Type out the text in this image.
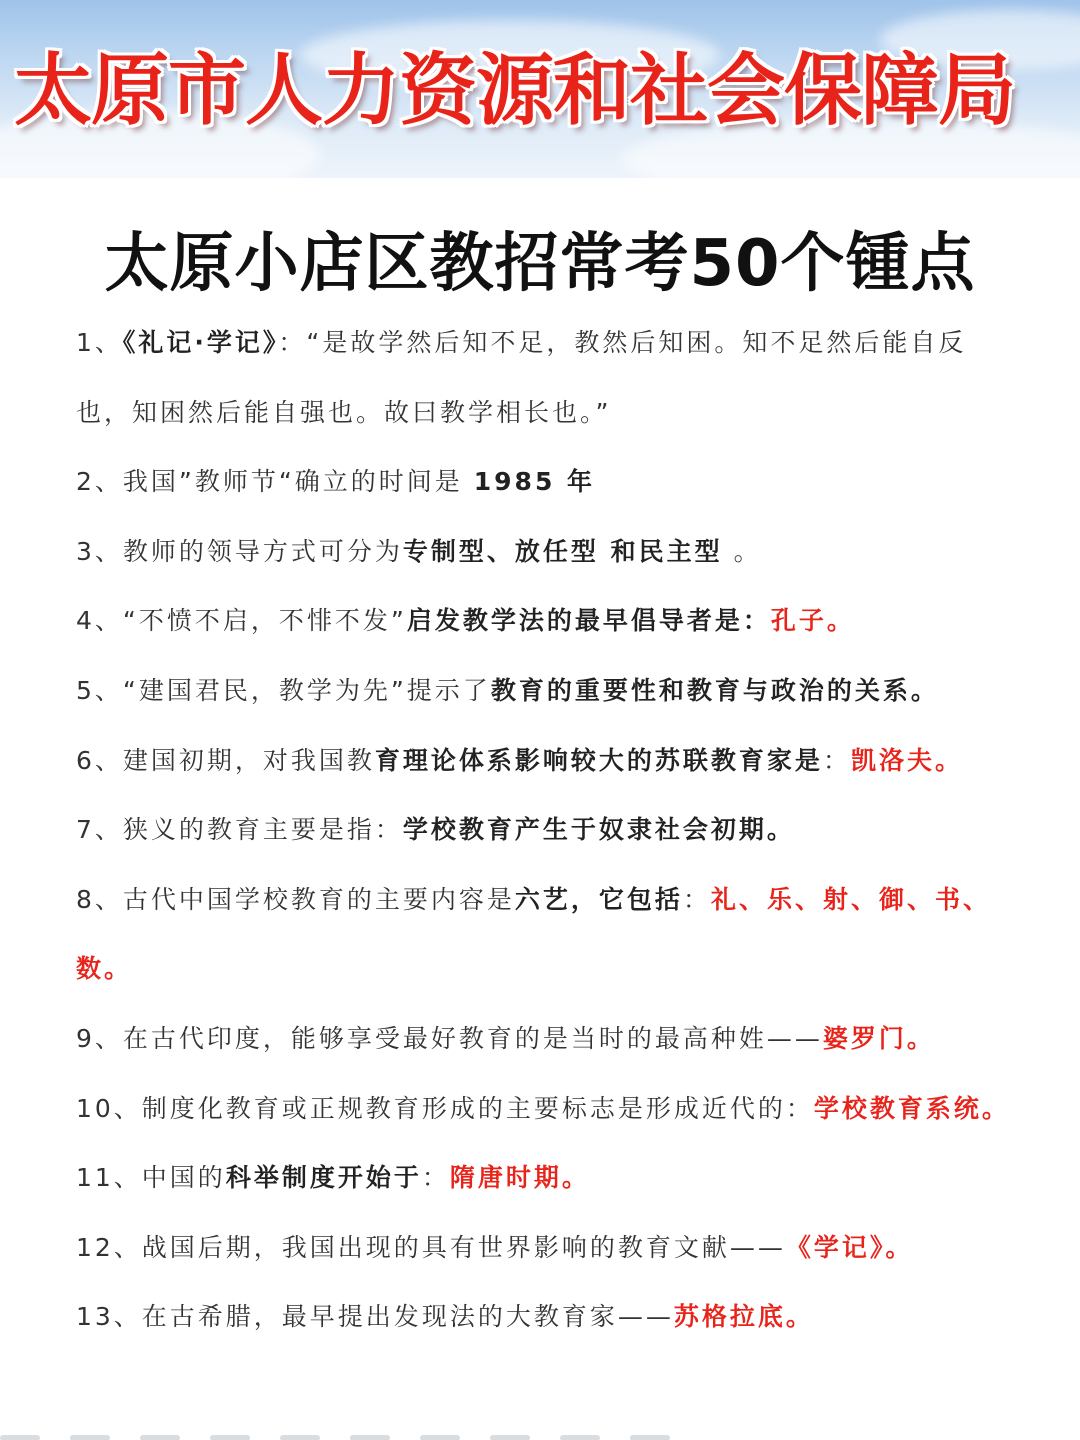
太原市人力资源和社会保障局
太原小店区教招常考50个锺点

1、《礼记·学记》：“是故学然后知不足，教然后知困。知不足然后能自反也，知困然后能自强也。故曰教学相长也。”

2、我国”教师节“确立的时间是 1985 年

3、教师的领导方式可分为专制型、放任型 和民主型 。

4、“不愤不启，不悱不发”启发教学法的最早倡导者是：孔子。

5、“建国君民，教学为先”提示了教育的重要性和教育与政治的关系。

6、建国初期，对我国教育理论体系影响较大的苏联教育家是：凯洛夫。

7、狭义的教育主要是指：学校教育产生于奴隶社会初期。

8、古代中国学校教育的主要内容是六艺，它包括：礼、乐、射、御、书、数。

9、在古代印度，能够享受最好教育的是当时的最高种姓——婆罗门。

10、制度化教育或正规教育形成的主要标志是形成近代的：学校教育系统。

11、中国的科举制度开始于：隋唐时期。

12、战国后期，我国出现的具有世界影响的教育文献——《学记》。

13、在古希腊，最早提出发现法的大教育家——苏格拉底。
